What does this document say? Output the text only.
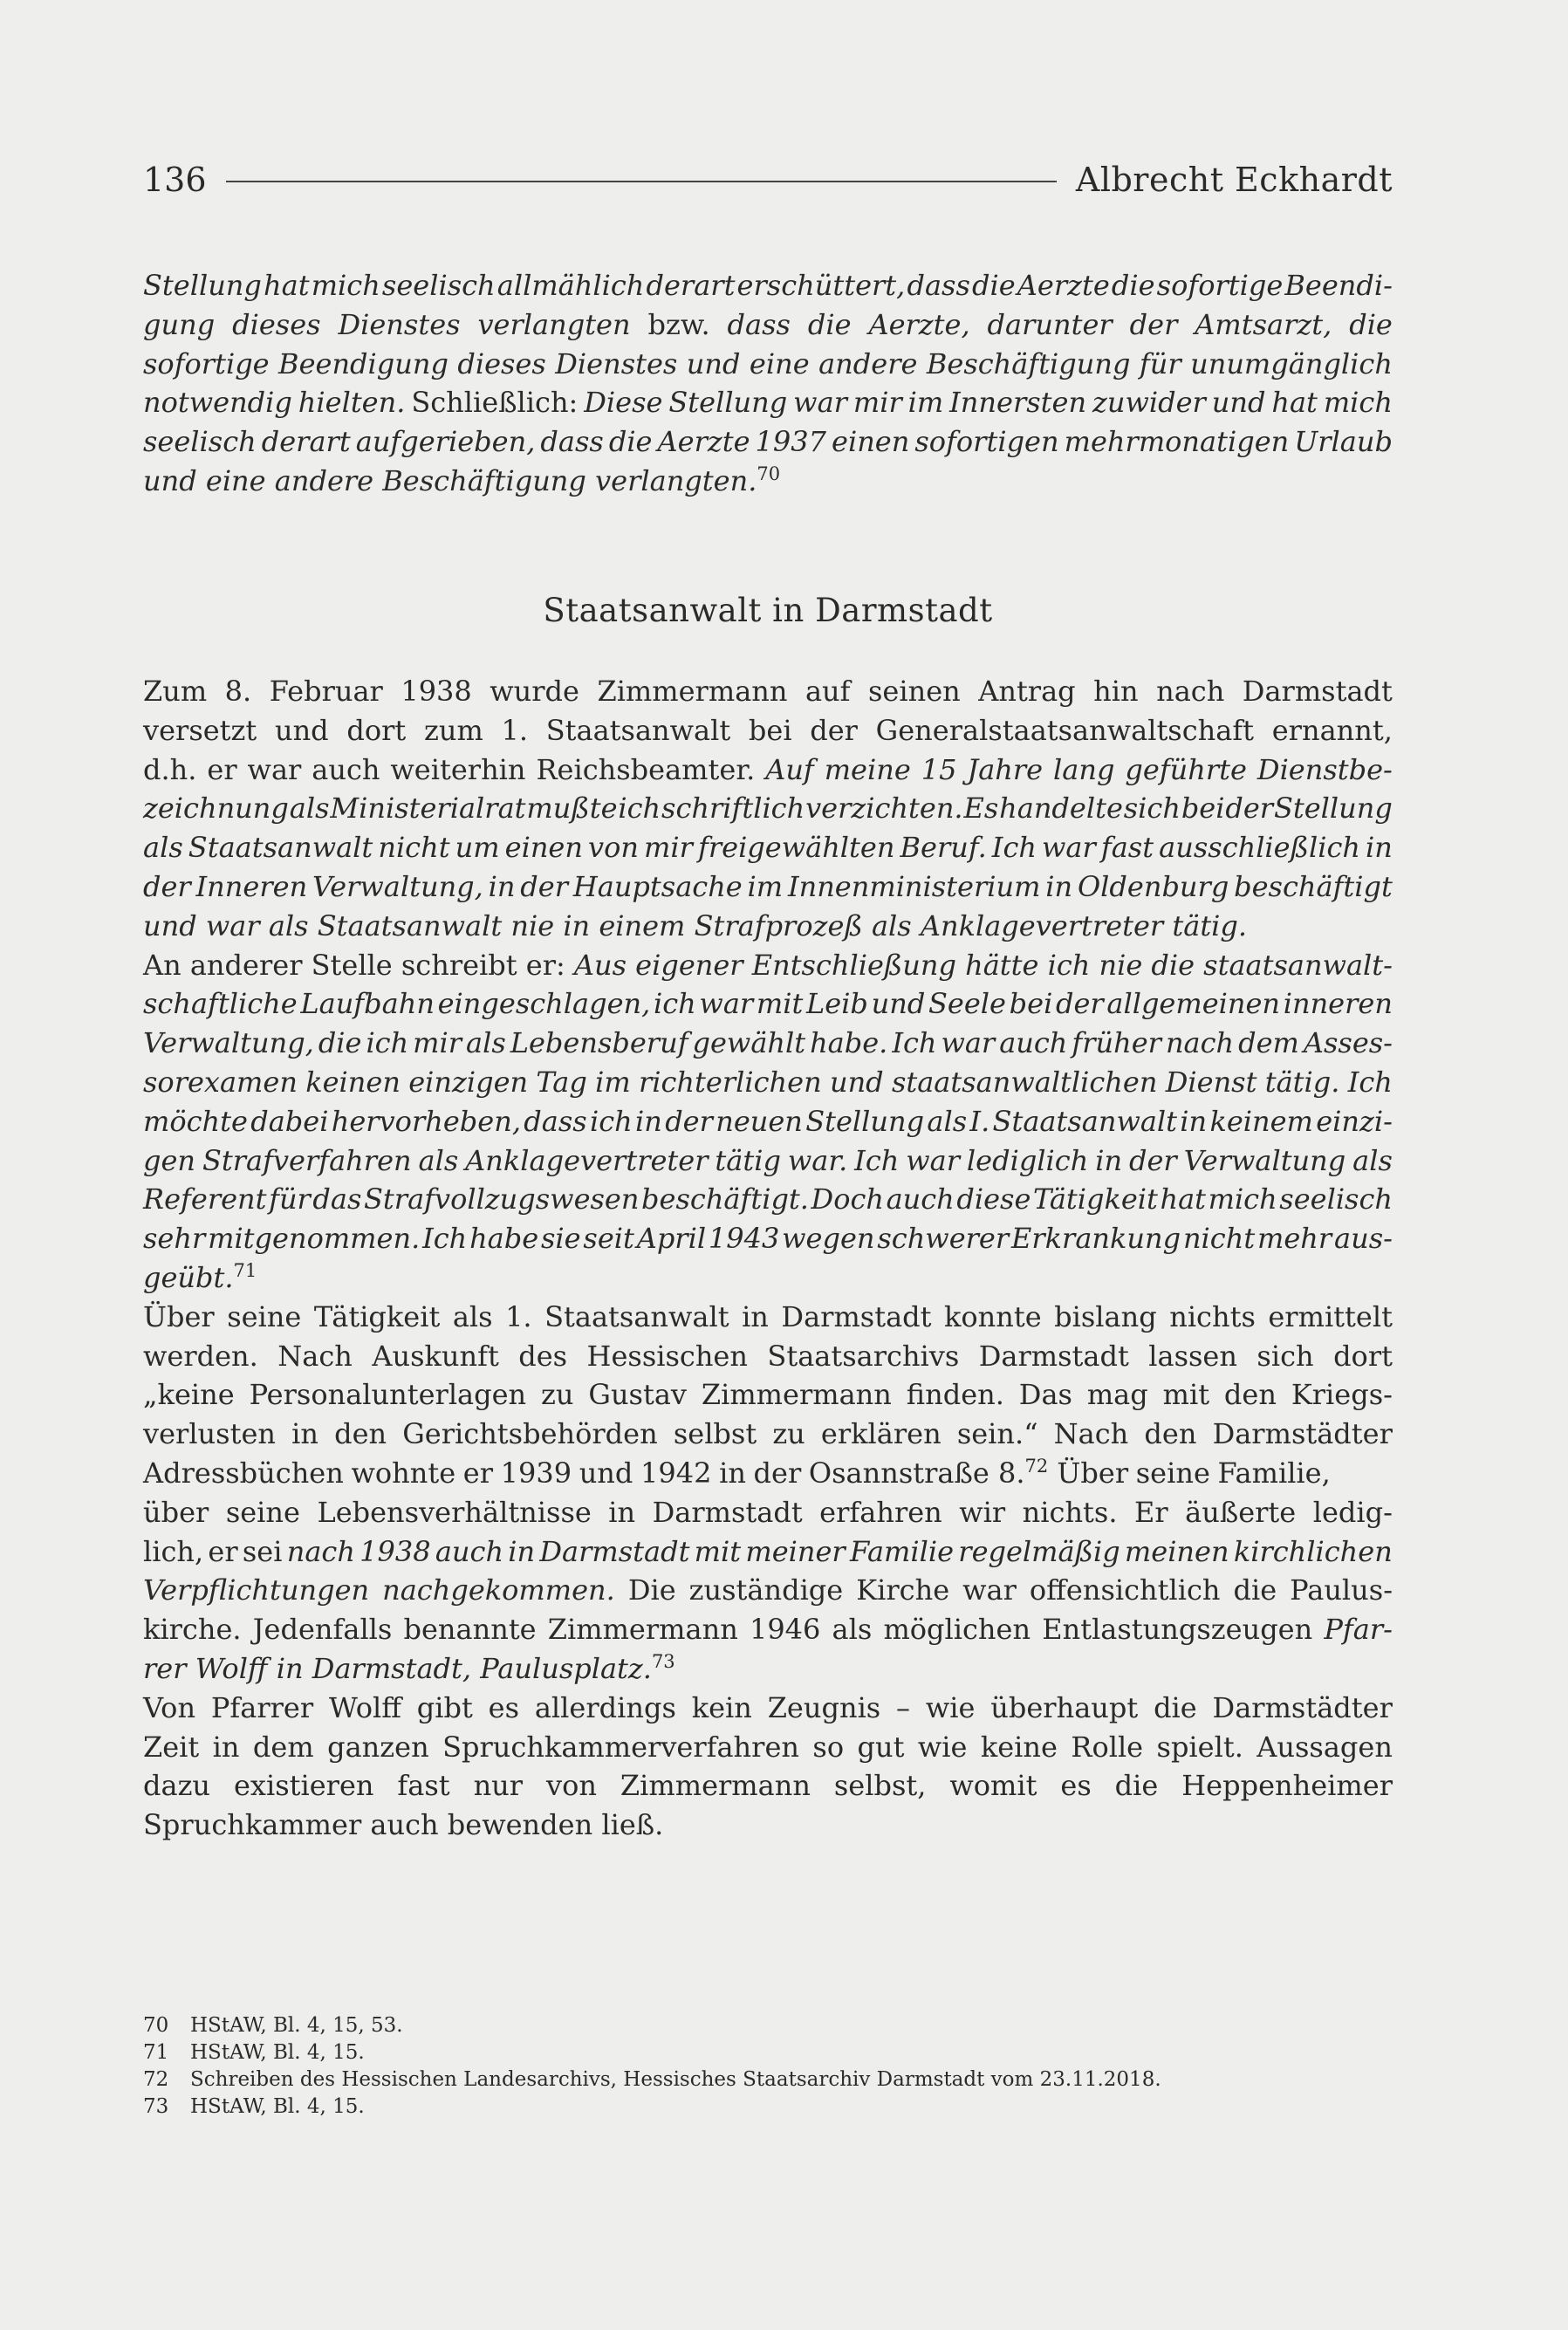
136	Albrecht Eckhardt
Stellung hat mich seelisch allmählich derart erschüttert, dass die Aerzte die sofortige Beendi-
gung dieses Dienstes verlangten bzw. dass die Aerzte, darunter der Amtsarzt, die
sofortige Beendigung dieses Dienstes und eine andere Beschäftigung für unumgänglich
notwendig hielten. Schließlich: Diese Stellung war mir im Innersten zuwider und hat mich
seelisch derart aufgerieben, dass die Aerzte 1937 einen sofortigen mehrmonatigen Urlaub
und eine andere Beschäftigung verlangten.$^{70}$
Staatsanwalt in Darmstadt
Zum 8. Februar 1938 wurde Zimmermann auf seinen Antrag hin nach Darmstadt
versetzt und dort zum 1. Staatsanwalt bei der Generalstaatsanwaltschaft ernannt,
d.h. er war auch weiterhin Reichsbeamter. Auf meine 15 Jahre lang geführte Dienstbe-
zeichnung als Ministerialrat mußte ich schriftlich verzichten. Es handelte sich bei der Stellung
als Staatsanwalt nicht um einen von mir freigewählten Beruf. Ich war fast ausschließlich in
der Inneren Verwaltung, in der Hauptsache im Innenministerium in Oldenburg beschäftigt
und war als Staatsanwalt nie in einem Strafprozeß als Anklagevertreter tätig.
An anderer Stelle schreibt er: Aus eigener Entschließung hätte ich nie die staatsanwalt-
schaftliche Laufbahn eingeschlagen, ich war mit Leib und Seele bei der allgemeinen inneren
Verwaltung, die ich mir als Lebensberuf gewählt habe. Ich war auch früher nach dem Asses-
sorexamen keinen einzigen Tag im richterlichen und staatsanwaltlichen Dienst tätig. Ich
möchte dabei hervorheben, dass ich in der neuen Stellung als I. Staatsanwalt in keinem einzi-
gen Strafverfahren als Anklagevertreter tätig war. Ich war lediglich in der Verwaltung als
Referent für das Strafvollzugswesen beschäftigt. Doch auch diese Tätigkeit hat mich seelisch
sehr mitgenommen. Ich habe sie seit April 1943 wegen schwerer Erkrankung nicht mehr aus-
geübt.$^{71}$
Über seine Tätigkeit als 1. Staatsanwalt in Darmstadt konnte bislang nichts ermittelt
werden. Nach Auskunft des Hessischen Staatsarchivs Darmstadt lassen sich dort
„keine Personalunterlagen zu Gustav Zimmermann finden. Das mag mit den Kriegs-
verlusten in den Gerichtsbehörden selbst zu erklären sein.“ Nach den Darmstädter
Adressbüchen wohnte er 1939 und 1942 in der Osannstraße 8.72 Über seine Familie,
über seine Lebensverhältnisse in Darmstadt erfahren wir nichts. Er äußerte ledig-
lich, er sei nach 1938 auch in Darmstadt mit meiner Familie regelmäßig meinen kirchlichen
Verpflichtungen nachgekommen. Die zuständige Kirche war offensichtlich die Paulus-
kirche. Jedenfalls benannte Zimmermann 1946 als möglichen Entlastungszeugen Pfar-
rer Wolff in Darmstadt, Paulusplatz.$^{73}$
Von Pfarrer Wolff gibt es allerdings kein Zeugnis – wie überhaupt die Darmstädter
Zeit in dem ganzen Spruchkammerverfahren so gut wie keine Rolle spielt. Aussagen
dazu existieren fast nur von Zimmermann selbst, womit es die Heppenheimer
Spruchkammer auch bewenden ließ.
70	HStAW, Bl. 4, 15, 53.
71	HStAW, Bl. 4, 15.
72	Schreiben des Hessischen Landesarchivs, Hessisches Staatsarchiv Darmstadt vom 23.11.2018.
73	HStAW, Bl. 4, 15.
